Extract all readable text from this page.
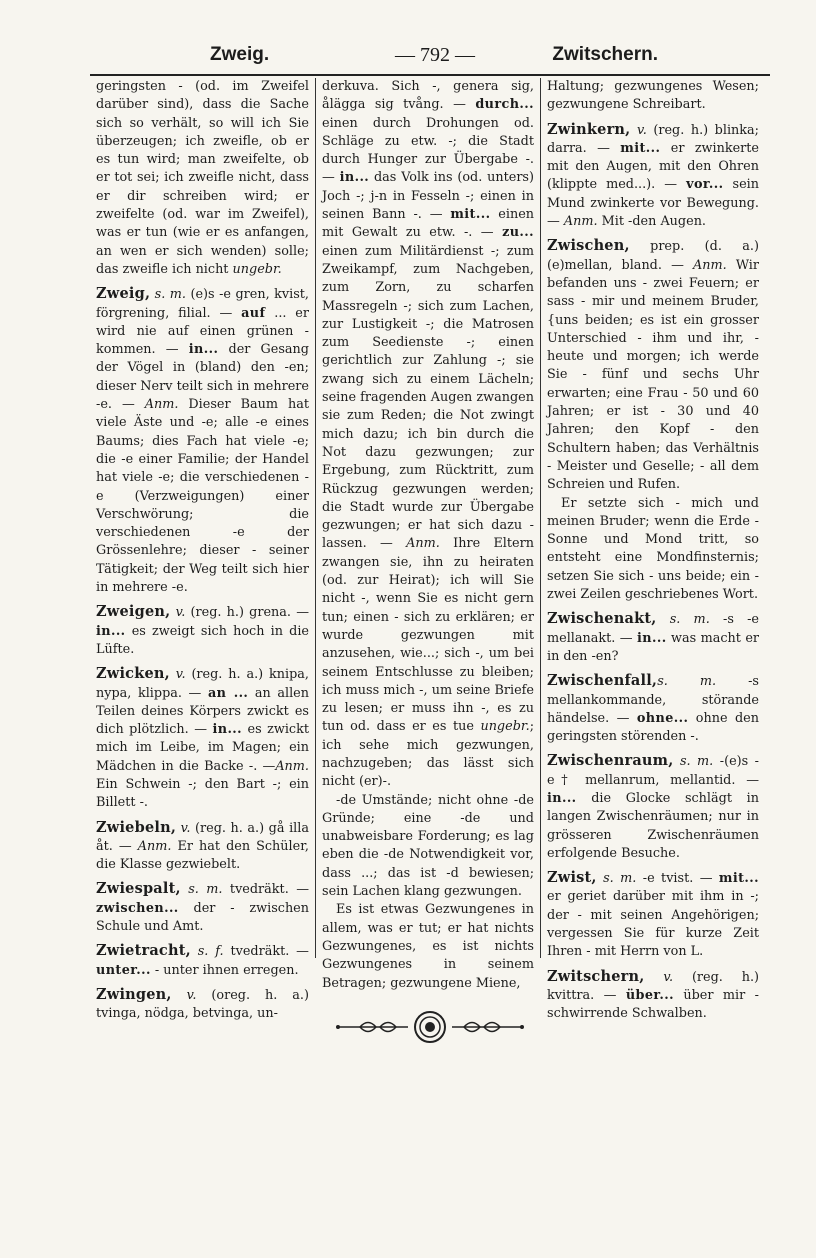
Zweig.	— 792 —	Zwitschern.

geringsten - (od. im Zweifel darüber sind), dass die Sache sich so verhält, so will ich Sie überzeugen; ich zweifle, ob er es tun wird; man zweifelte, ob er tot sei; ich zweifle nicht, dass er dir schreiben wird; er zweifelte (od. war im Zweifel), was er tun (wie er es anfangen, an wen er sich wenden) solle; das zweifle ich nicht ungebr.

Zweig, s. m. (e)s -e gren, kvist, förgrening, filial. — auf ... er wird nie auf einen grünen - kommen. — in... der Gesang der Vögel in (bland) den -en; dieser Nerv teilt sich in mehrere -e. — Anm. Dieser Baum hat viele Äste und -e; alle -e eines Baums; dies Fach hat viele -e; die -e einer Familie; der Handel hat viele -e; die verschiedenen -e (Verzweigungen) einer Verschwörung; die verschiedenen -e der Grössenlehre; dieser - seiner Tätigkeit; der Weg teilt sich hier in mehrere -e.

Zweigen, v. (reg. h.) grena. — in... es zweigt sich hoch in die Lüfte.

Zwicken, v. (reg. h. a.) knipa, nypa, klippa. — an ... an allen Teilen deines Körpers zwickt es dich plötzlich. — in... es zwickt mich im Leibe, im Magen; ein Mädchen in die Backe -. —Anm. Ein Schwein -; den Bart -; ein Billett -.

Zwiebeln, v. (reg. h. a.) gå illa åt. — Anm. Er hat den Schüler, die Klasse gezwiebelt.

Zwiespalt, s. m. tvedräkt. — zwischen... der - zwischen Schule und Amt.

Zwietracht, s. f. tvedräkt. — unter... - unter ihnen erregen.

Zwingen, v. (oreg. h. a.) tvinga, nödga, betvinga, un-

derkuva. Sich -, genera sig, ålägga sig tvång. — durch... einen durch Drohungen od. Schläge zu etw. -; die Stadt durch Hunger zur Übergabe -. — in... das Volk ins (od. unters) Joch -; j-n in Fesseln -; einen in seinen Bann -. — mit... einen mit Gewalt zu etw. -. — zu... einen zum Militärdienst -; zum Zweikampf, zum Nachgeben, zum Zorn, zu scharfen Massregeln -; sich zum Lachen, zur Lustigkeit -; die Matrosen zum Seedienste -; einen gerichtlich zur Zahlung -; sie zwang sich zu einem Lächeln; seine fragenden Augen zwangen sie zum Reden; die Not zwingt mich dazu; ich bin durch die Not dazu gezwungen; zur Ergebung, zum Rücktritt, zum Rückzug gezwungen werden; die Stadt wurde zur Übergabe gezwungen; er hat sich dazu - lassen. — Anm. Ihre Eltern zwangen sie, ihn zu heiraten (od. zur Heirat); ich will Sie nicht -, wenn Sie es nicht gern tun; einen - sich zu erklären; er wurde gezwungen mit anzusehen, wie...; sich -, um bei seinem Entschlusse zu bleiben; ich muss mich -, um seine Briefe zu lesen; er muss ihn -, es zu tun od. dass er es tue ungebr.; ich sehe mich gezwungen, nachzugeben; das lässt sich nicht (er)-.

-de Umstände; nicht ohne -de Gründe; eine -de und unabweisbare Forderung; es lag eben die -de Notwendigkeit vor, dass ...; das ist -d bewiesen; sein Lachen klang gezwungen.

Es ist etwas Gezwungenes in allem, was er tut; er hat nichts Gezwungenes, es ist nichts Gezwungenes in seinem Betragen; gezwungene Miene,

Haltung; gezwungenes Wesen; gezwungene Schreibart.

Zwinkern, v. (reg. h.) blinka; darra. — mit... er zwinkerte mit den Augen, mit den Ohren (klippte med...). — vor... sein Mund zwinkerte vor Bewegung. — Anm. Mit -den Augen.

Zwischen, prep. (d. a.) (e)mellan, bland. — Anm. Wir befanden uns - zwei Feuern; er sass - mir und meinem Bruder, {uns beiden; es ist ein grosser Unterschied - ihm und ihr, - heute und morgen; ich werde Sie - fünf und sechs Uhr erwarten; eine Frau - 50 und 60 Jahren; er ist - 30 und 40 Jahren; den Kopf - den Schultern haben; das Verhältnis - Meister und Geselle; - all dem Schreien und Rufen.

Er setzte sich - mich und meinen Bruder; wenn die Erde - Sonne und Mond tritt, so entsteht eine Mondfinsternis; setzen Sie sich - uns beide; ein - zwei Zeilen geschriebenes Wort.

Zwischenakt, s. m. -s -e mellanakt. — in... was macht er in den -en?

Zwischenfall,s. m.	-s mellankommande, störande händelse. — ohne... ohne den geringsten störenden -.

Zwischenraum, s. m. -(e)s -e† mellanrum, mellantid. — in... die Glocke schlägt in langen Zwischenräumen; nur in grösseren Zwischenräumen erfolgende Besuche.

Zwist, s. m. -e tvist. — mit... er geriet darüber mit ihm in -; der - mit seinen Angehörigen; vergessen Sie für kurze Zeit Ihren - mit Herrn von L.

Zwitschern, v. (reg. h.) kvittra. — über... über mir - schwirrende Schwalben.
